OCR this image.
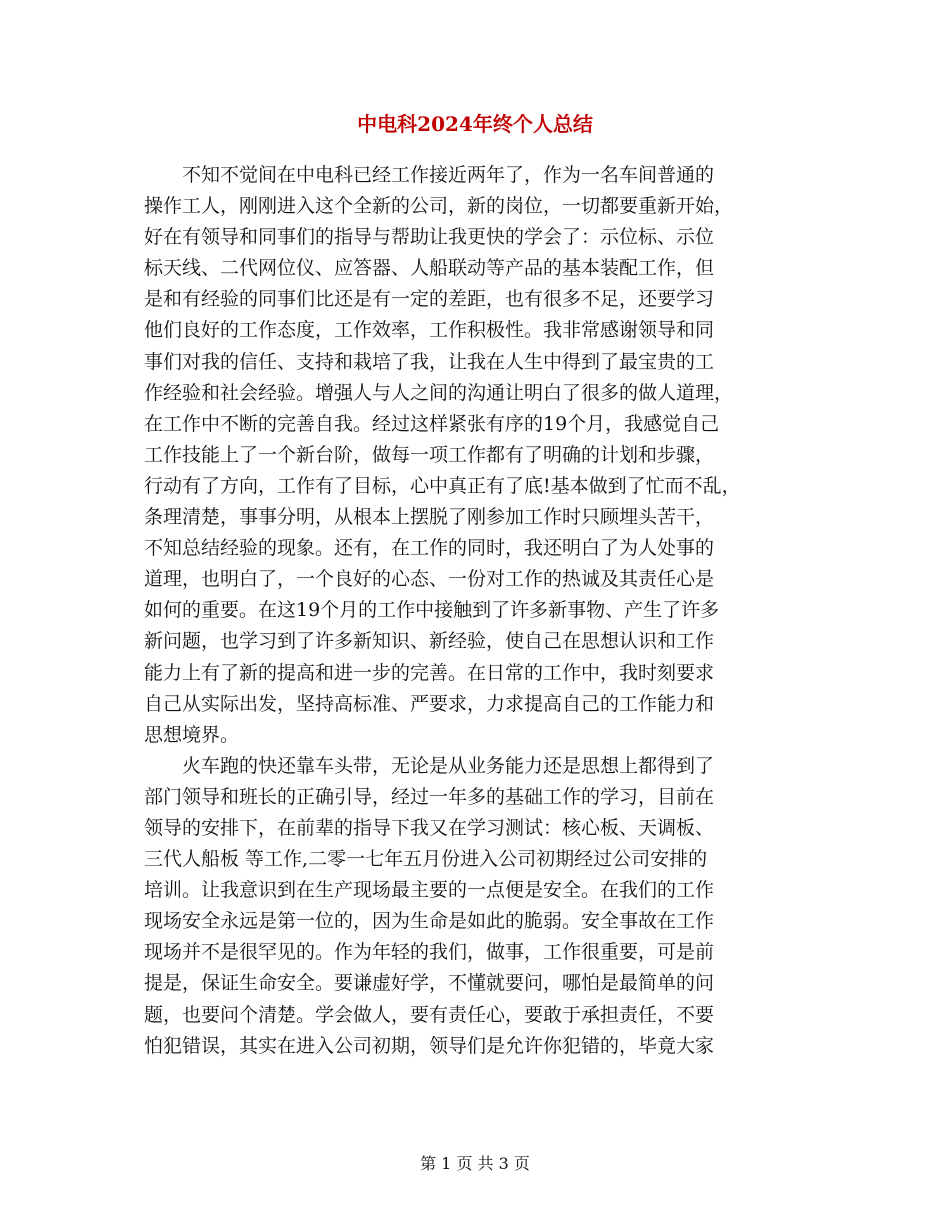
中电科2024年终个人总结
　　不知不觉间在中电科已经工作接近两年了，作为一名车间普通的
操作工人，刚刚进入这个全新的公司，新的岗位，一切都要重新开始，
好在有领导和同事们的指导与帮助让我更快的学会了：示位标、示位
标天线、二代网位仪、应答器、人船联动等产品的基本装配工作，但
是和有经验的同事们比还是有一定的差距，也有很多不足，还要学习
他们良好的工作态度，工作效率，工作积极性。我非常感谢领导和同
事们对我的信任、支持和栽培了我，让我在人生中得到了最宝贵的工
作经验和社会经验。增强人与人之间的沟通让明白了很多的做人道理，
在工作中不断的完善自我。经过这样紧张有序的19个月，我感觉自己
工作技能上了一个新台阶，做每一项工作都有了明确的计划和步骤，
行动有了方向，工作有了目标，心中真正有了底!基本做到了忙而不乱，
条理清楚，事事分明，从根本上摆脱了刚参加工作时只顾埋头苦干，
不知总结经验的现象。还有，在工作的同时，我还明白了为人处事的
道理，也明白了，一个良好的心态、一份对工作的热诚及其责任心是
如何的重要。在这19个月的工作中接触到了许多新事物、产生了许多
新问题，也学习到了许多新知识、新经验，使自己在思想认识和工作
能力上有了新的提高和进一步的完善。在日常的工作中，我时刻要求
自己从实际出发，坚持高标准、严要求，力求提高自己的工作能力和
思想境界。
　　火车跑的快还靠车头带，无论是从业务能力还是思想上都得到了
部门领导和班长的正确引导，经过一年多的基础工作的学习，目前在
领导的安排下，在前辈的指导下我又在学习测试：核心板、天调板、
三代人船板 等工作,二零一七年五月份进入公司初期经过公司安排的
培训。让我意识到在生产现场最主要的一点便是安全。在我们的工作
现场安全永远是第一位的，因为生命是如此的脆弱。安全事故在工作
现场并不是很罕见的。作为年轻的我们，做事，工作很重要，可是前
提是，保证生命安全。要谦虚好学，不懂就要问，哪怕是最简单的问
题，也要问个清楚。学会做人，要有责任心，要敢于承担责任，不要
怕犯错误，其实在进入公司初期，领导们是允许你犯错的，毕竟大家
第 1 页 共 3 页
